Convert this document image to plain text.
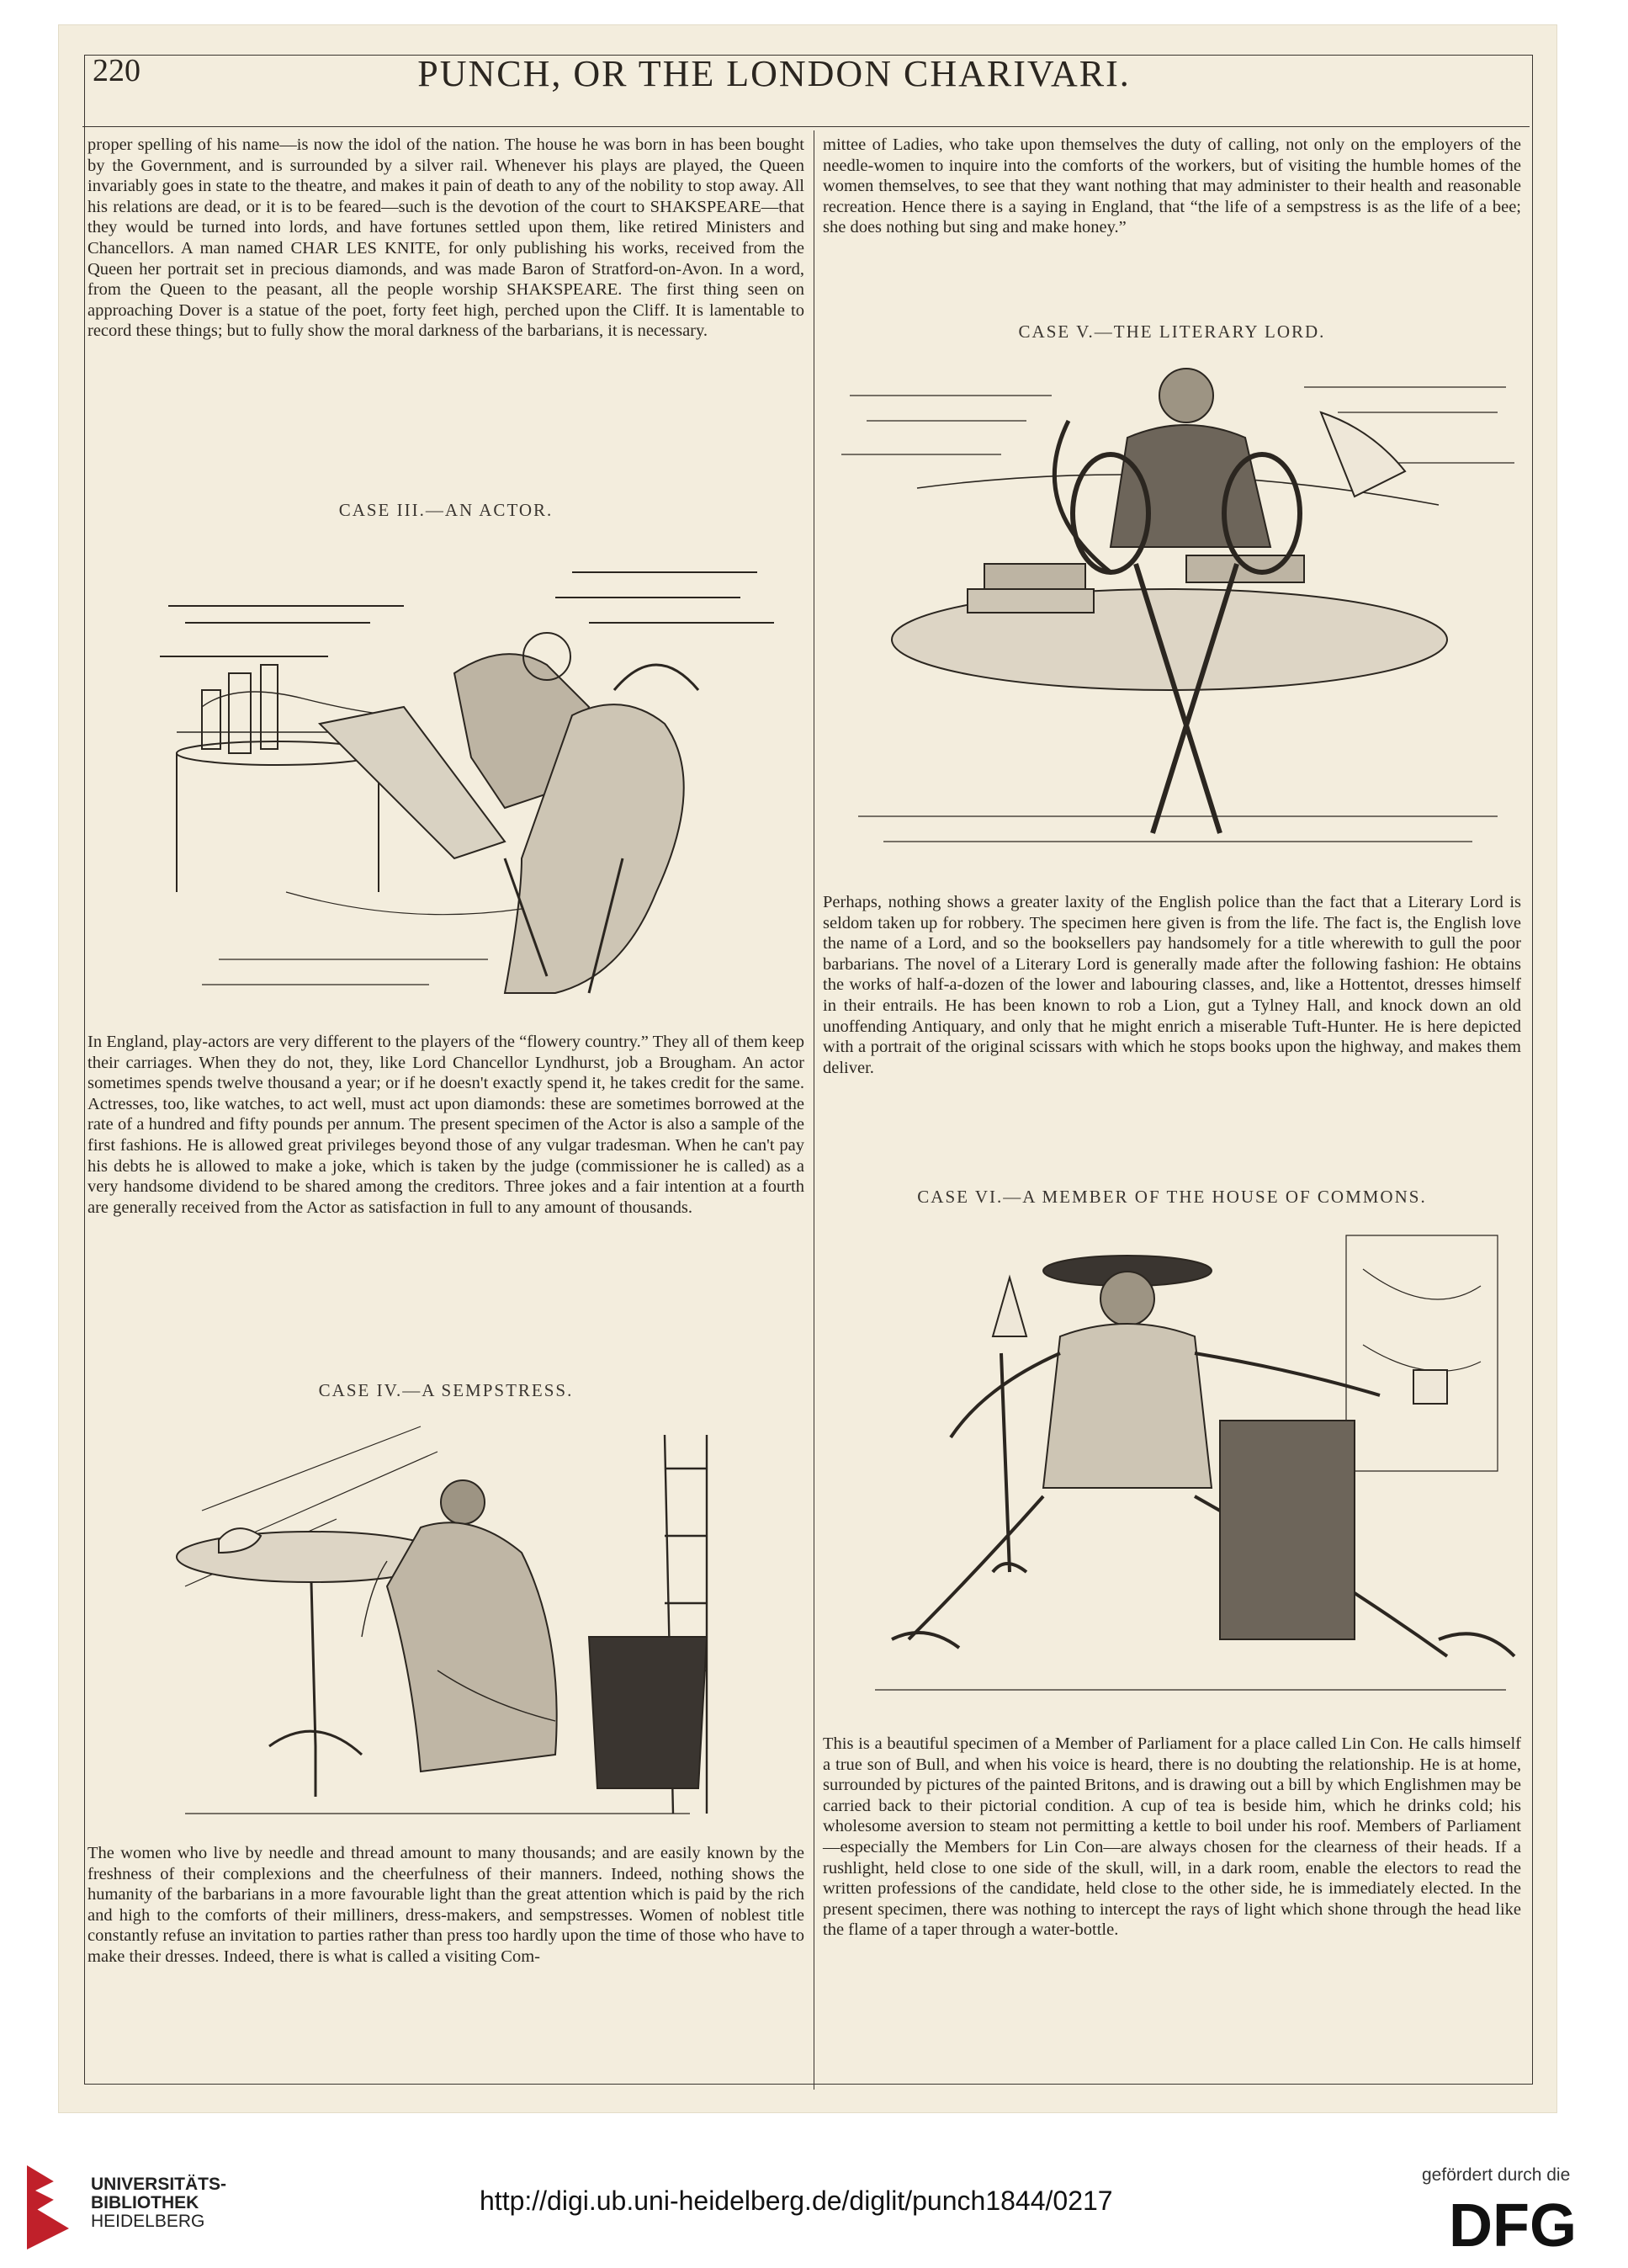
220	PUNCH, OR THE LONDON CHARIVARI.

proper spelling of his name—is now the idol of the nation. The house he was born in has been bought by the Government, and is surrounded by a silver rail. Whenever his plays are played, the Queen invariably goes in state to the theatre, and makes it pain of death to any of the nobility to stop away. All his relations are dead, or it is to be feared—such is the devotion of the court to SHAKSPEARE—that they would be turned into lords, and have fortunes settled upon them, like retired Ministers and Chancellors. A man named CHAR LES KNITE, for only publishing his works, received from the Queen her portrait set in precious diamonds, and was made Baron of Stratford-on-Avon. In a word, from the Queen to the peasant, all the people worship SHAKSPEARE. The first thing seen on approaching Dover is a statue of the poet, forty feet high, perched upon the Cliff. It is lamentable to record these things; but to fully show the moral darkness of the barbarians, it is necessary.

CASE III.—AN ACTOR.

In England, play-actors are very different to the players of the “flowery country.” They all of them keep their carriages. When they do not, they, like Lord Chancellor Lyndhurst, job a Brougham. An actor sometimes spends twelve thousand a year; or if he doesn't exactly spend it, he takes credit for the same. Actresses, too, like watches, to act well, must act upon diamonds: these are sometimes borrowed at the rate of a hundred and fifty pounds per annum. The present specimen of the Actor is also a sample of the first fashions. He is allowed great privileges beyond those of any vulgar tradesman. When he can't pay his debts he is allowed to make a joke, which is taken by the judge (commissioner he is called) as a very handsome dividend to be shared among the creditors. Three jokes and a fair intention at a fourth are generally received from the Actor as satisfaction in full to any amount of thousands.

CASE IV.—A SEMPSTRESS.

The women who live by needle and thread amount to many thousands; and are easily known by the freshness of their complexions and the cheerfulness of their manners. Indeed, nothing shows the humanity of the barbarians in a more favourable light than the great attention which is paid by the rich and high to the comforts of their milliners, dress-makers, and sempstresses. Women of noblest title constantly refuse an invitation to parties rather than press too hardly upon the time of those who have to make their dresses. Indeed, there is what is called a visiting Com-

mittee of Ladies, who take upon themselves the duty of calling, not only on the employers of the needle-women to inquire into the comforts of the workers, but of visiting the humble homes of the women themselves, to see that they want nothing that may administer to their health and reasonable recreation. Hence there is a saying in England, that “the life of a sempstress is as the life of a bee; she does nothing but sing and make honey.”

CASE V.—THE LITERARY LORD.

Perhaps, nothing shows a greater laxity of the English police than the fact that a Literary Lord is seldom taken up for robbery. The specimen here given is from the life. The fact is, the English love the name of a Lord, and so the booksellers pay handsomely for a title wherewith to gull the poor barbarians. The novel of a Literary Lord is generally made after the following fashion: He obtains the works of half-a-dozen of the lower and labouring classes, and, like a Hottentot, dresses himself in their entrails. He has been known to rob a Lion, gut a Tylney Hall, and knock down an old unoffending Antiquary, and only that he might enrich a miserable Tuft-Hunter. He is here depicted with a portrait of the original scissars with which he stops books upon the highway, and makes them deliver.

CASE VI.—A MEMBER OF THE HOUSE OF COMMONS.

This is a beautiful specimen of a Member of Parliament for a place called Lin Con. He calls himself a true son of Bull, and when his voice is heard, there is no doubting the relationship. He is at home, surrounded by pictures of the painted Britons, and is drawing out a bill by which Englishmen may be carried back to their pictorial condition. A cup of tea is beside him, which he drinks cold; his wholesome aversion to steam not permitting a kettle to boil under his roof. Members of Parliament—especially the Members for Lin Con—are always chosen for the clearness of their heads. If a rushlight, held close to one side of the skull, will, in a dark room, enable the electors to read the written professions of the candidate, held close to the other side, he is immediately elected. In the present specimen, there was nothing to intercept the rays of light which shone through the head like the flame of a taper through a water-bottle.

UNIVERSITÄTS-
BIBLIOTHEK
HEIDELBERG
http://digi.ub.uni-heidelberg.de/diglit/punch1844/0217
gefördert durch die
DFG
